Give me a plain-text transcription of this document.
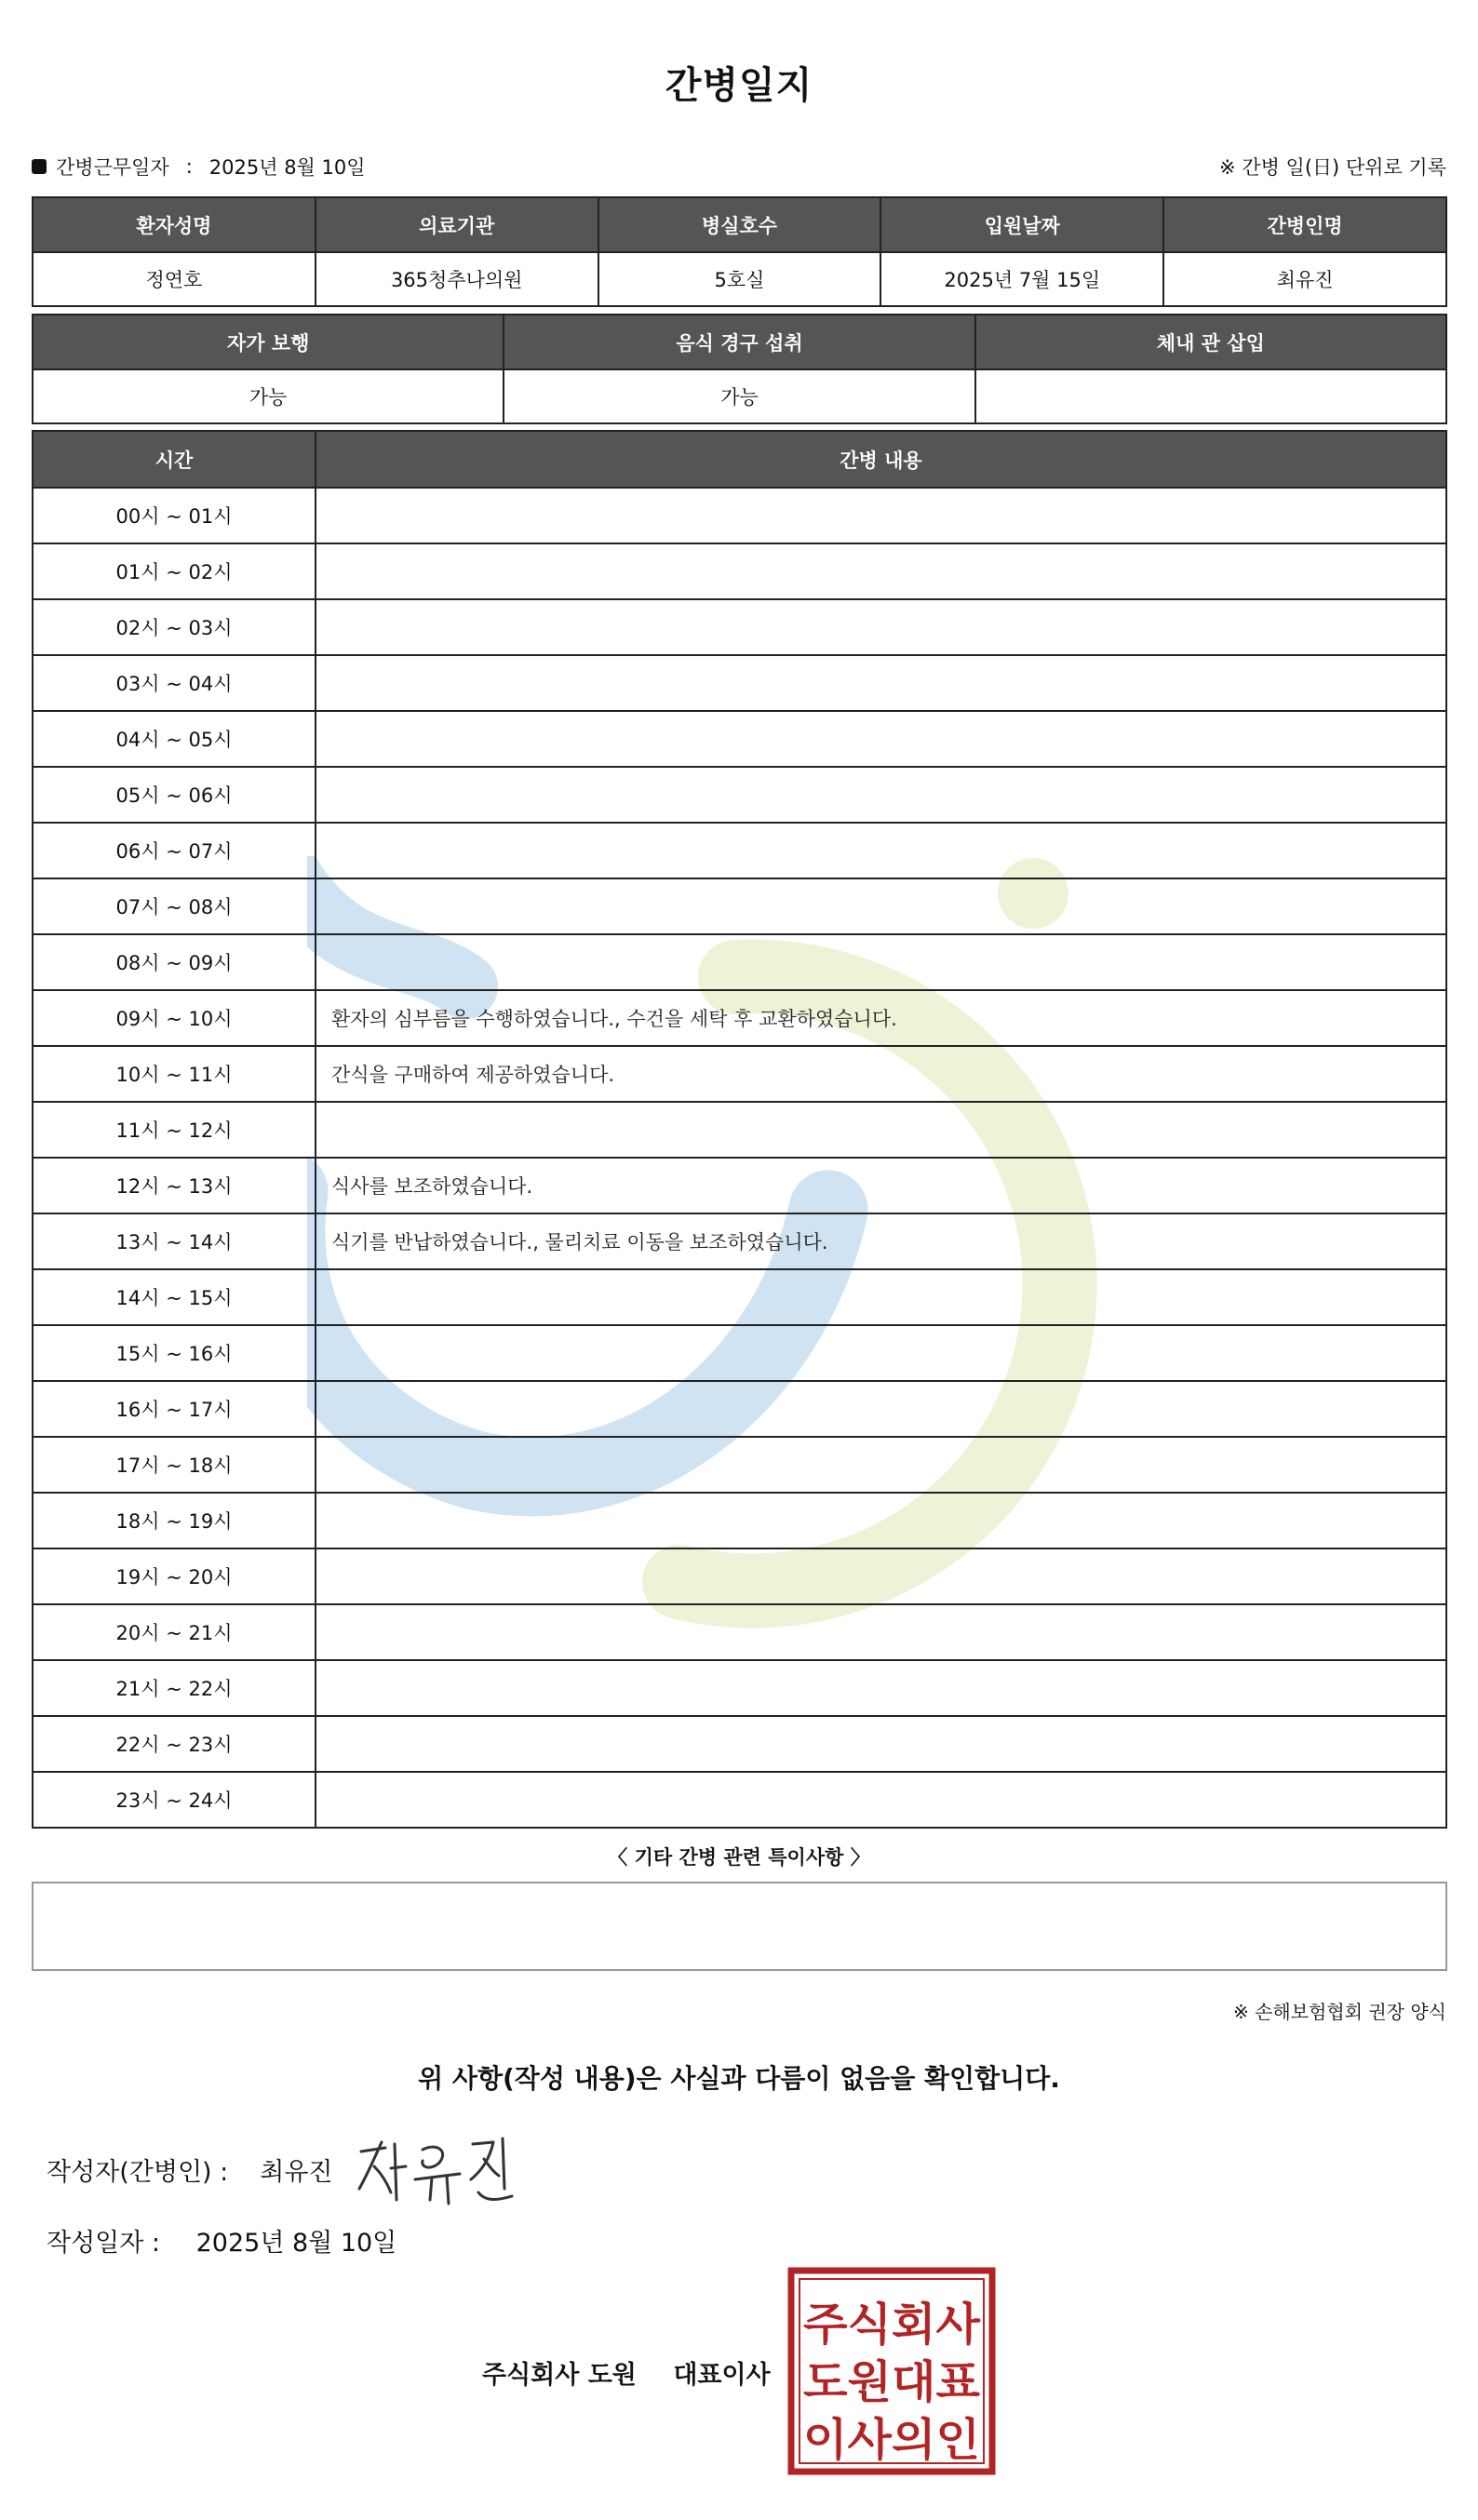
간병일지
간병근무일자 : 2025년 8월 10일	※ 간병 일(日) 단위로 기록
환자성명	의료기관	병실호수	입원날짜	간병인명
정연호	365청추나의원	5호실	2025년 7월 15일	최유진
자가 보행	음식 경구 섭취	체내 관 삽입
가능	가능	
시간	간병 내용
00시 ~ 01시	
01시 ~ 02시	
02시 ~ 03시	
03시 ~ 04시	
04시 ~ 05시	
05시 ~ 06시	
06시 ~ 07시	
07시 ~ 08시	
08시 ~ 09시	
09시 ~ 10시	환자의 심부름을 수행하였습니다., 수건을 세탁 후 교환하였습니다.
10시 ~ 11시	간식을 구매하여 제공하였습니다.
11시 ~ 12시	
12시 ~ 13시	식사를 보조하였습니다.
13시 ~ 14시	식기를 반납하였습니다., 물리치료 이동을 보조하였습니다.
14시 ~ 15시	
15시 ~ 16시	
16시 ~ 17시	
17시 ~ 18시	
18시 ~ 19시	
19시 ~ 20시	
20시 ~ 21시	
21시 ~ 22시	
22시 ~ 23시	
23시 ~ 24시	
〈 기타 간병 관련 특이사항 〉
※ 손해보험협회 권장 양식
위 사항(작성 내용)은 사실과 다름이 없음을 확인합니다.
작성자(간병인) : 최유진
작성일자 : 2025년 8월 10일
주식회사 도원 대표이사
주식회사
도원대표
이사의인
